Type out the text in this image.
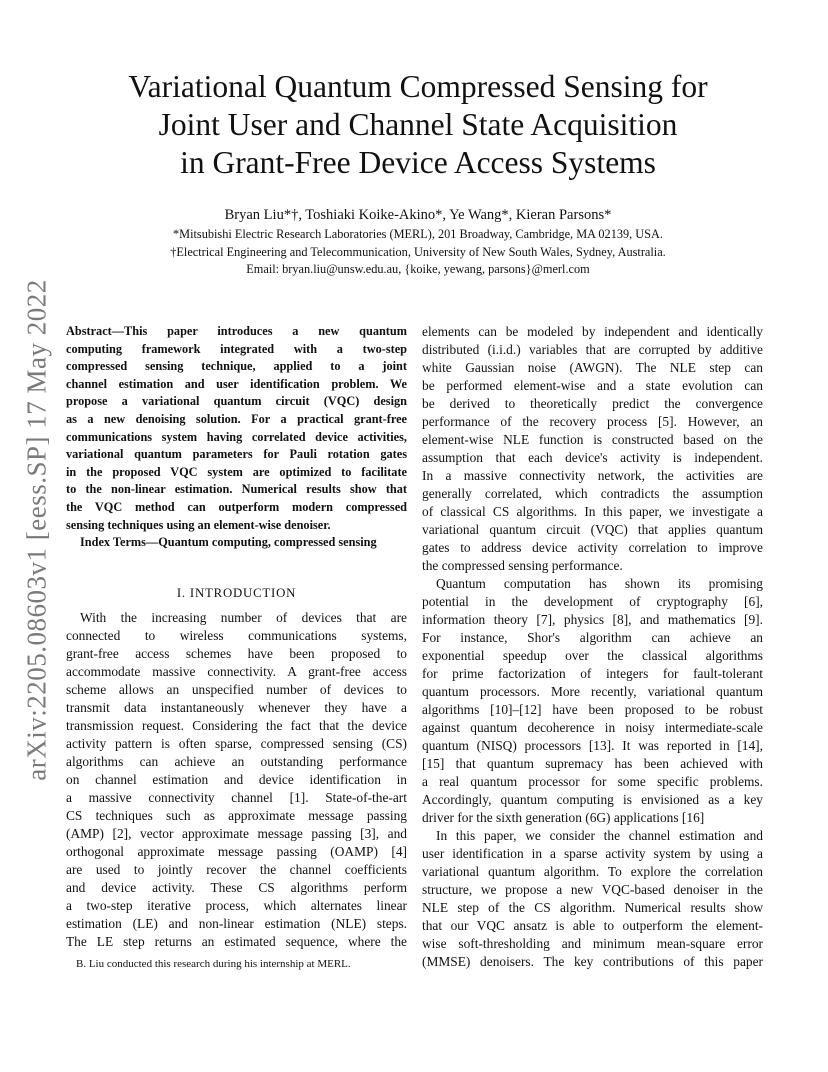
arXiv:2205.08603v1 [eess.SP] 17 May 2022
Variational Quantum Compressed Sensing for
Joint User and Channel State Acquisition
in Grant-Free Device Access Systems
Bryan Liu*†, Toshiaki Koike-Akino*, Ye Wang*, Kieran Parsons*
*Mitsubishi Electric Research Laboratories (MERL), 201 Broadway, Cambridge, MA 02139, USA.
†Electrical Engineering and Telecommunication, University of New South Wales, Sydney, Australia.
Email: bryan.liu@unsw.edu.au, {koike, yewang, parsons}@merl.com
Abstract—This paper introduces a new quantum
computing framework integrated with a two-step
compressed sensing technique, applied to a joint
channel estimation and user identification problem. We
propose a variational quantum circuit (VQC) design
as a new denoising solution. For a practical grant-free
communications system having correlated device activities,
variational quantum parameters for Pauli rotation gates
in the proposed VQC system are optimized to facilitate
to the non-linear estimation. Numerical results show that
the VQC method can outperform modern compressed
sensing techniques using an element-wise denoiser.
Index Terms—Quantum computing, compressed sensing
I. INTRODUCTION
With the increasing number of devices that are
connected to wireless communications systems,
grant-free access schemes have been proposed to
accommodate massive connectivity. A grant-free access
scheme allows an unspecified number of devices to
transmit data instantaneously whenever they have a
transmission request. Considering the fact that the device
activity pattern is often sparse, compressed sensing (CS)
algorithms can achieve an outstanding performance
on channel estimation and device identification in
a massive connectivity channel [1]. State-of-the-art
CS techniques such as approximate message passing
(AMP) [2], vector approximate message passing [3], and
orthogonal approximate message passing (OAMP) [4]
are used to jointly recover the channel coefficients
and device activity. These CS algorithms perform
a two-step iterative process, which alternates linear
estimation (LE) and non-linear estimation (NLE) steps.
The LE step returns an estimated sequence, where the
B. Liu conducted this research during his internship at MERL.
elements can be modeled by independent and identically
distributed (i.i.d.) variables that are corrupted by additive
white Gaussian noise (AWGN). The NLE step can
be performed element-wise and a state evolution can
be derived to theoretically predict the convergence
performance of the recovery process [5]. However, an
element-wise NLE function is constructed based on the
assumption that each device's activity is independent.
In a massive connectivity network, the activities are
generally correlated, which contradicts the assumption
of classical CS algorithms. In this paper, we investigate a
variational quantum circuit (VQC) that applies quantum
gates to address device activity correlation to improve
the compressed sensing performance.
Quantum computation has shown its promising
potential in the development of cryptography [6],
information theory [7], physics [8], and mathematics [9].
For instance, Shor's algorithm can achieve an
exponential speedup over the classical algorithms
for prime factorization of integers for fault-tolerant
quantum processors. More recently, variational quantum
algorithms [10]–[12] have been proposed to be robust
against quantum decoherence in noisy intermediate-scale
quantum (NISQ) processors [13]. It was reported in [14],
[15] that quantum supremacy has been achieved with
a real quantum processor for some specific problems.
Accordingly, quantum computing is envisioned as a key
driver for the sixth generation (6G) applications [16]
In this paper, we consider the channel estimation and
user identification in a sparse activity system by using a
variational quantum algorithm. To explore the correlation
structure, we propose a new VQC-based denoiser in the
NLE step of the CS algorithm. Numerical results show
that our VQC ansatz is able to outperform the element-
wise soft-thresholding and minimum mean-square error
(MMSE) denoisers. The key contributions of this paper
